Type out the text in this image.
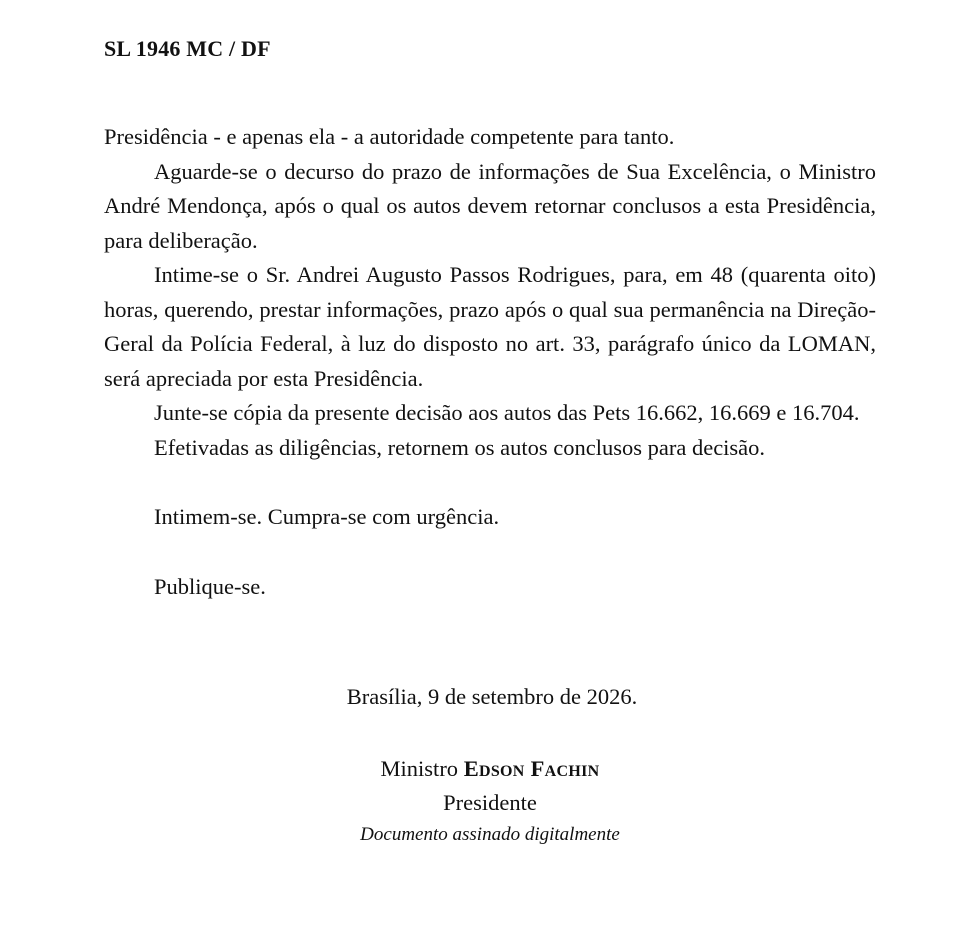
SL 1946 MC / DF

Presidência - e apenas ela - a autoridade competente para tanto.

Aguarde-se o decurso do prazo de informações de Sua Excelência, o Ministro André Mendonça, após o qual os autos devem retornar conclusos a esta Presidência, para deliberação.

Intime-se o Sr. Andrei Augusto Passos Rodrigues, para, em 48 (quarenta oito) horas, querendo, prestar informações, prazo após o qual sua permanência na Direção-Geral da Polícia Federal, à luz do disposto no art. 33, parágrafo único da LOMAN, será apreciada por esta Presidência.

Junte-se cópia da presente decisão aos autos das Pets 16.662, 16.669 e 16.704.

Efetivadas as diligências, retornem os autos conclusos para decisão.

Intimem-se. Cumpra-se com urgência.

Publique-se.

Brasília, 9 de setembro de 2026.
Ministro Edson Fachin
Presidente
Documento assinado digitalmente
